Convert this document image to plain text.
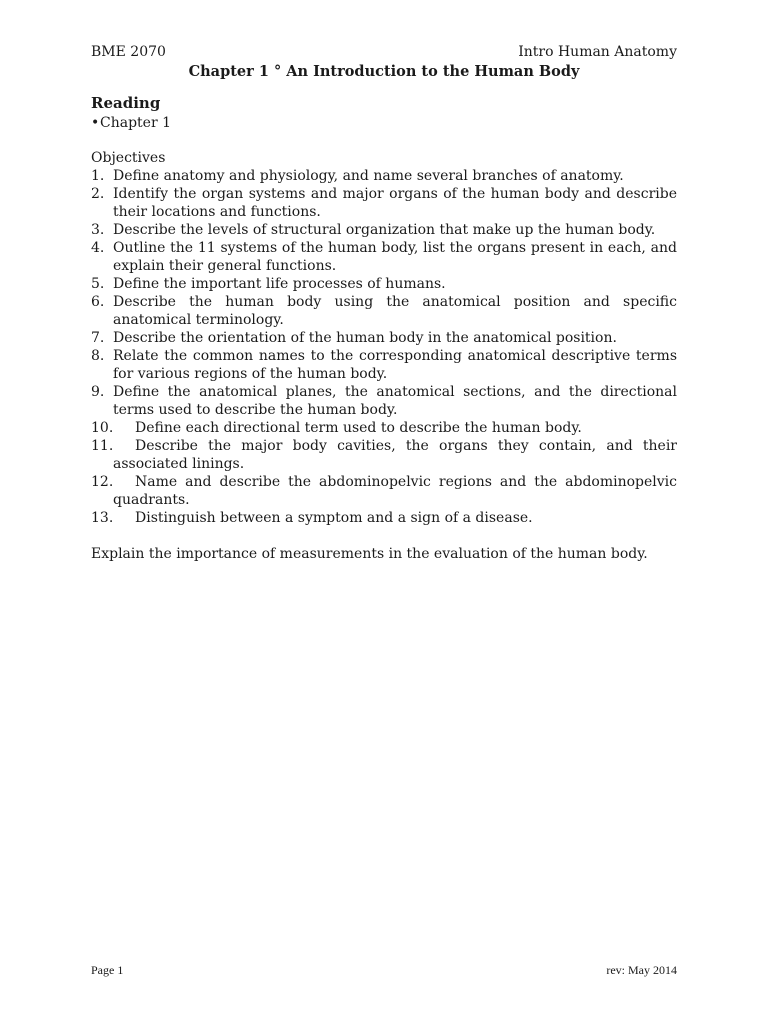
BME 2070	Intro Human Anatomy
Chapter 1 ° An Introduction to the Human Body
Reading
•Chapter 1
Objectives
1. Define anatomy and physiology, and name several branches of anatomy.
2. Identify the organ systems and major organs of the human body and describe their locations and functions.
3. Describe the levels of structural organization that make up the human body.
4. Outline the 11 systems of the human body, list the organs present in each, and explain their general functions.
5. Define the important life processes of humans.
6. Describe the human body using the anatomical position and specific anatomical terminology.
7. Describe the orientation of the human body in the anatomical position.
8. Relate the common names to the corresponding anatomical descriptive terms for various regions of the human body.
9. Define the anatomical planes, the anatomical sections, and the directional terms used to describe the human body.
10.	Define each directional term used to describe the human body.
11.	Describe the major body cavities, the organs they contain, and their associated linings.
12.	Name and describe the abdominopelvic regions and the abdominopelvic quadrants.
13.	Distinguish between a symptom and a sign of a disease.
Explain the importance of measurements in the evaluation of the human body.
Page 1	rev: May 2014
